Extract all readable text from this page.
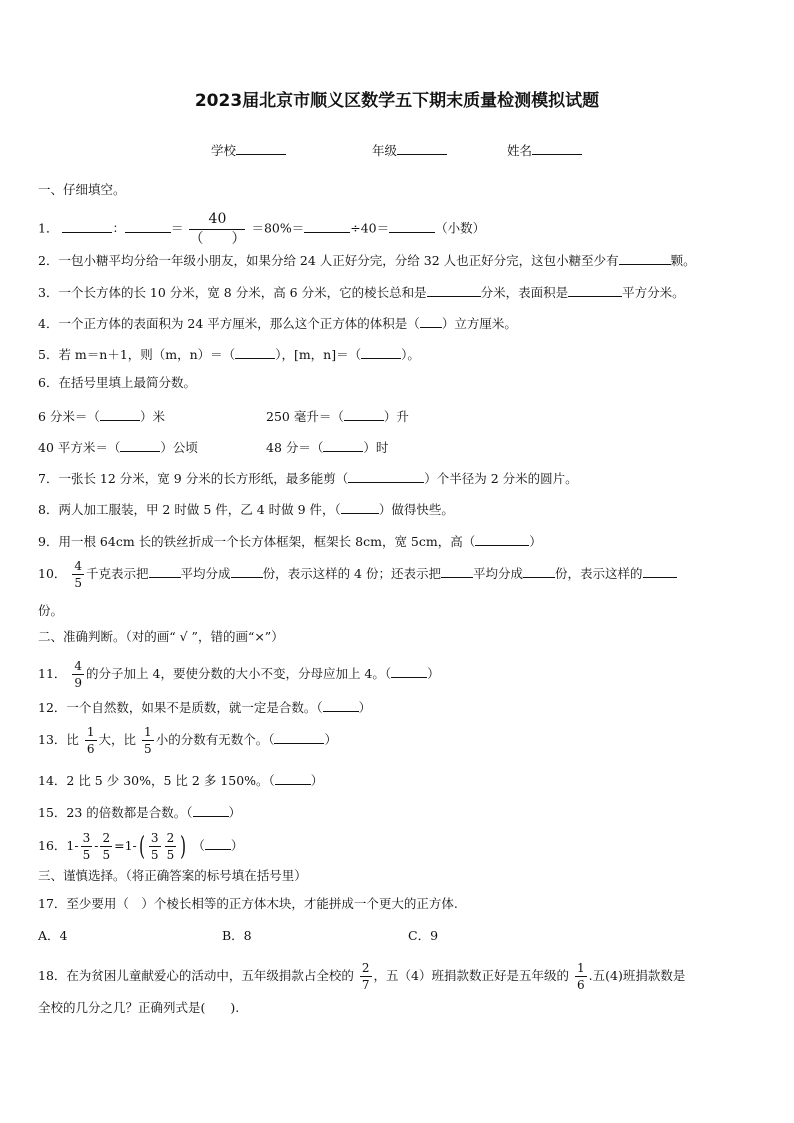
2023届北京市顺义区数学五下期末质量检测模拟试题
学校	年级	姓名
一、仔细填空。
1．	：	＝ $\frac{40}{( )} =80\%=$	÷40＝	（小数）
2．一包小糖平均分给一年级小朋友，如果分给 24 人正好分完，分给 32 人也正好分完，这包小糖至少有	颗。
3．一个长方体的长 10 分米，宽 8 分米，高 6 分米，它的棱长总和是	分米，表面积是	平方分米。
4．一个正方体的表面积为 24 平方厘米，那么这个正方体的体积是（ ）立方厘米。
5．若 m＝n＋1，则（m，n）＝（	），[m，n]＝（	）。
6．在括号里填上最简分数。
6 分米＝（	）米	250 毫升＝（	）升
40 平方米＝（	）公顷	48 分＝（	）时
7．一张长 12 分米，宽 9 分米的长方形纸，最多能剪（	）个半径为 2 分米的圆片。
8．两人加工服装，甲 2 时做 5 件，乙 4 时做 9 件，（	）做得快些。
9．用一根 64cm 长的铁丝折成一个长方体框架，框架长 8cm，宽 5cm，高（	）
10． $\frac{4}{5}$ 千克表示把	平均分成	份，表示这样的 4 份；还表示把	平均分成	份，表示这样的
份。
二、准确判断。（对的画“ √ ”，错的画“×”）
11． $\frac{4}{9}$ 的分子加上 4，要使分数的大小不变，分母应加上 4。（	）
12．一个自然数，如果不是质数，就一定是合数。（	）
13．比 $\frac{1}{6}$ 大，比 $\frac{1}{5}$ 小的分数有无数个。（	）
14．2 比 5 少 30%，5 比 2 多 150%。（	）
15．23 的倍数都是合数。（	）
16．$1- \frac{3}{5} - \frac{2}{5} =1-( \frac{3}{5} \frac{2}{5}$ ) （ ）
三、谨慎选择。（将正确答案的标号填在括号里）
17．至少要用（　）个棱长相等的正方体木块，才能拼成一个更大的正方体.
A．4	B．8	C．9
18．在为贫困儿童献爱心的活动中，五年级捐款占全校的 $\frac{2}{7}$ ，五（4）班捐款数正好是五年级的 $\frac{1}{6}$ .五(4)班捐款数是
全校的几分之几？正确列式是(　　).
